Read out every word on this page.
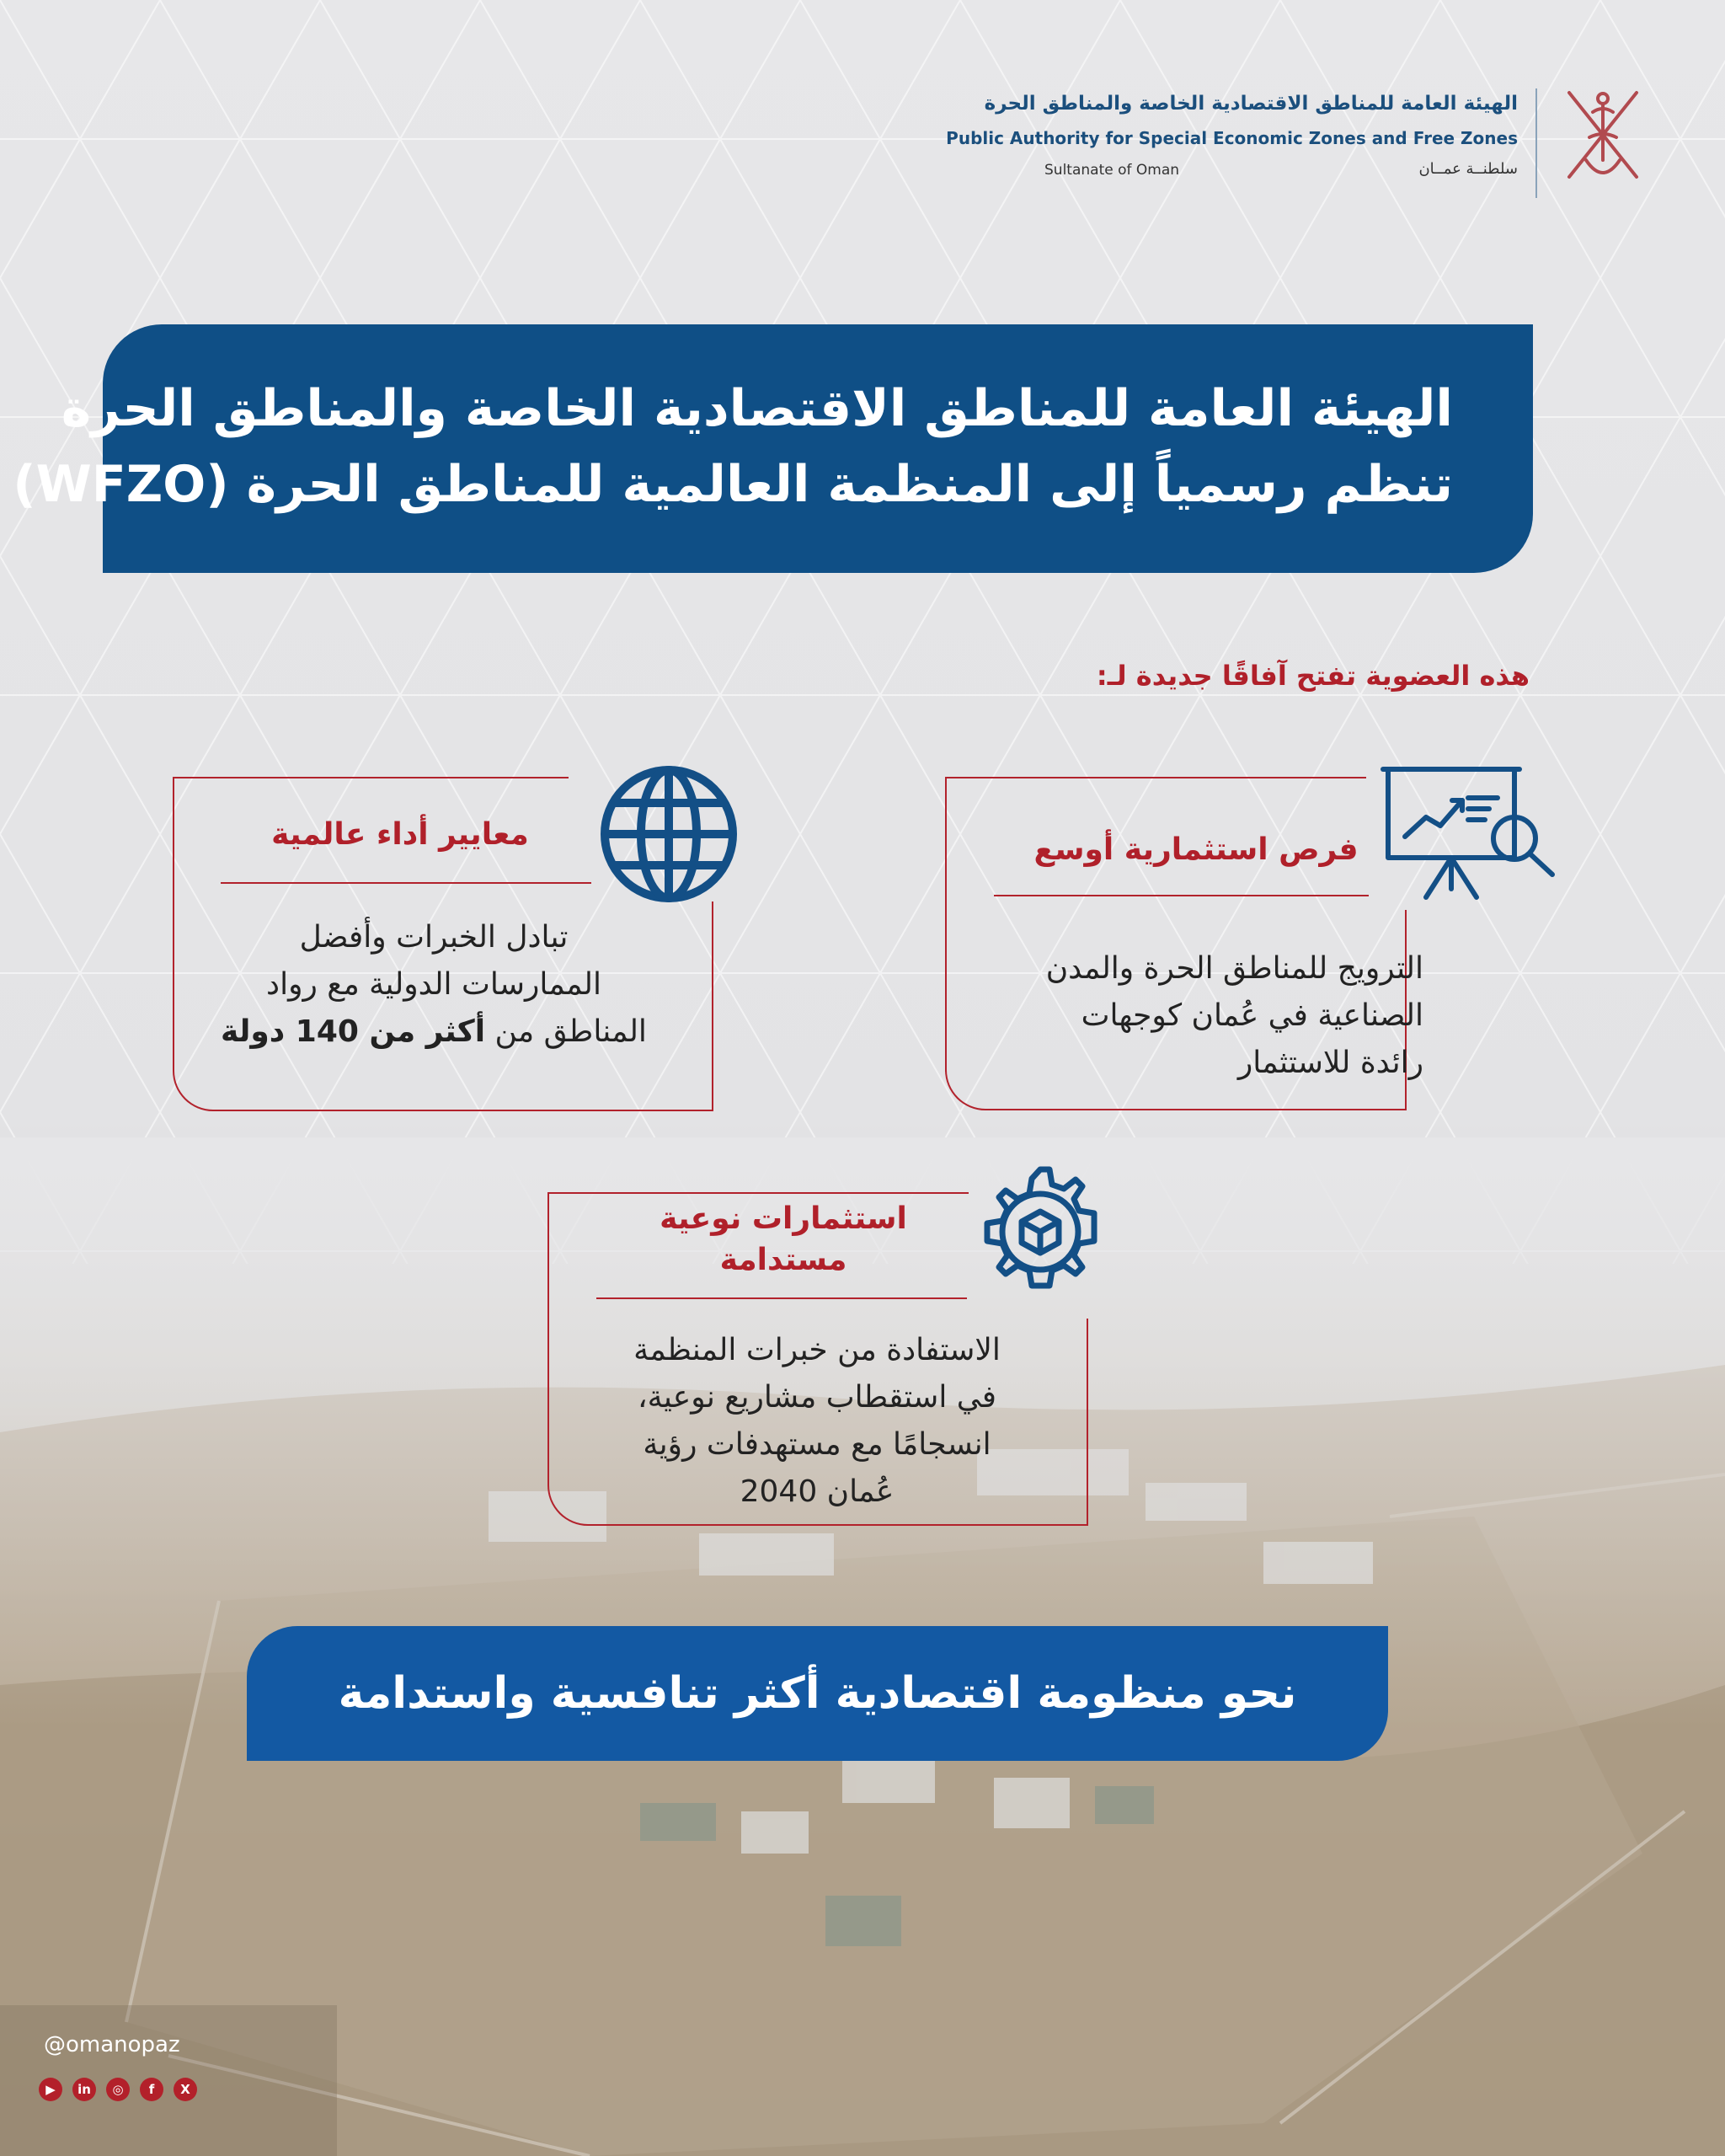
الهيئة العامة للمناطق الاقتصادية الخاصة والمناطق الحرة
Public Authority for Special Economic Zones and Free Zones
Sultanate of Oman	سلطنــة عمــان
الهيئة العامة للمناطق الاقتصادية الخاصة والمناطق الحرة
تنظم رسمياً إلى المنظمة العالمية للمناطق الحرة (WFZO)
هذه العضوية تفتح آفاقًا جديدة لـ:
معايير أداء عالمية
تبادل الخبرات وأفضل
الممارسات الدولية مع رواد
المناطق من أكثر من 140 دولة
فرص استثمارية أوسع
الترويج للمناطق الحرة والمدن
الصناعية في عُمان كوجهات
رائدة للاستثمار
استثمارات نوعية
مستدامة
الاستفادة من خبرات المنظمة
في استقطاب مشاريع نوعية،
انسجامًا مع مستهدفات رؤية
عُمان 2040
نحو منظومة اقتصادية أكثر تنافسية واستدامة
@omanopaz
▶	in	◎	f	X
